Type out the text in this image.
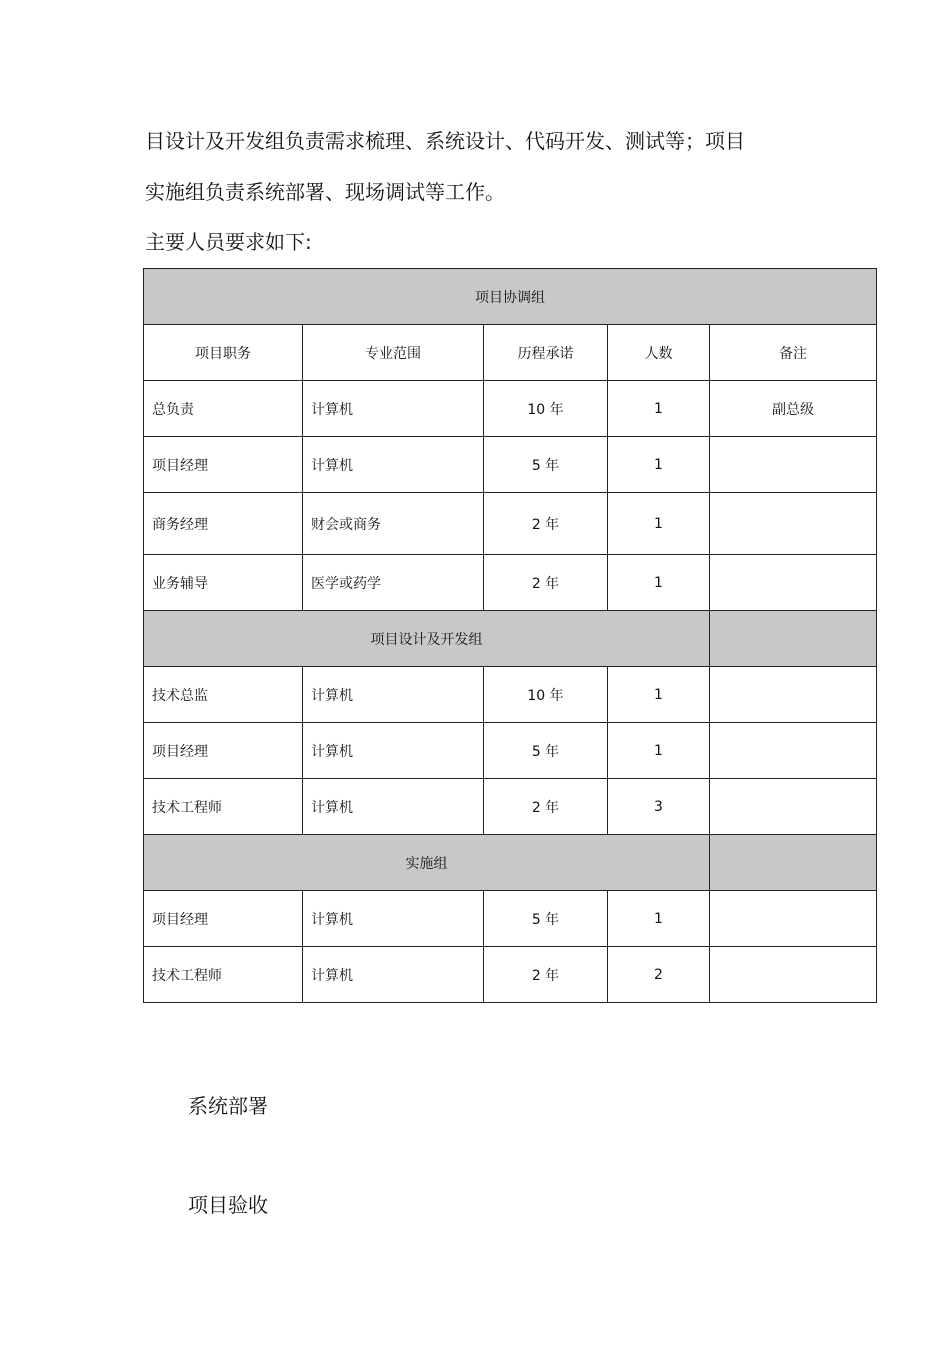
目设计及开发组负责需求梳理、系统设计、代码开发、测试等；项目

实施组负责系统部署、现场调试等工作。

主要人员要求如下:

项目协调组				
项目职务	专业范围	历程承诺	人数	备注
总负责	计算机	10 年	1	副总级
项目经理	计算机	5 年	1	
商务经理	财会或商务	2 年	1	
业务辅导	医学或药学	2 年	1	
项目设计及开发组				
技术总监	计算机	10 年	1	
项目经理	计算机	5 年	1	
技术工程师	计算机	2 年	3	
实施组				
项目经理	计算机	5 年	1	
技术工程师	计算机	2 年	2	
系统部署
项目验收
